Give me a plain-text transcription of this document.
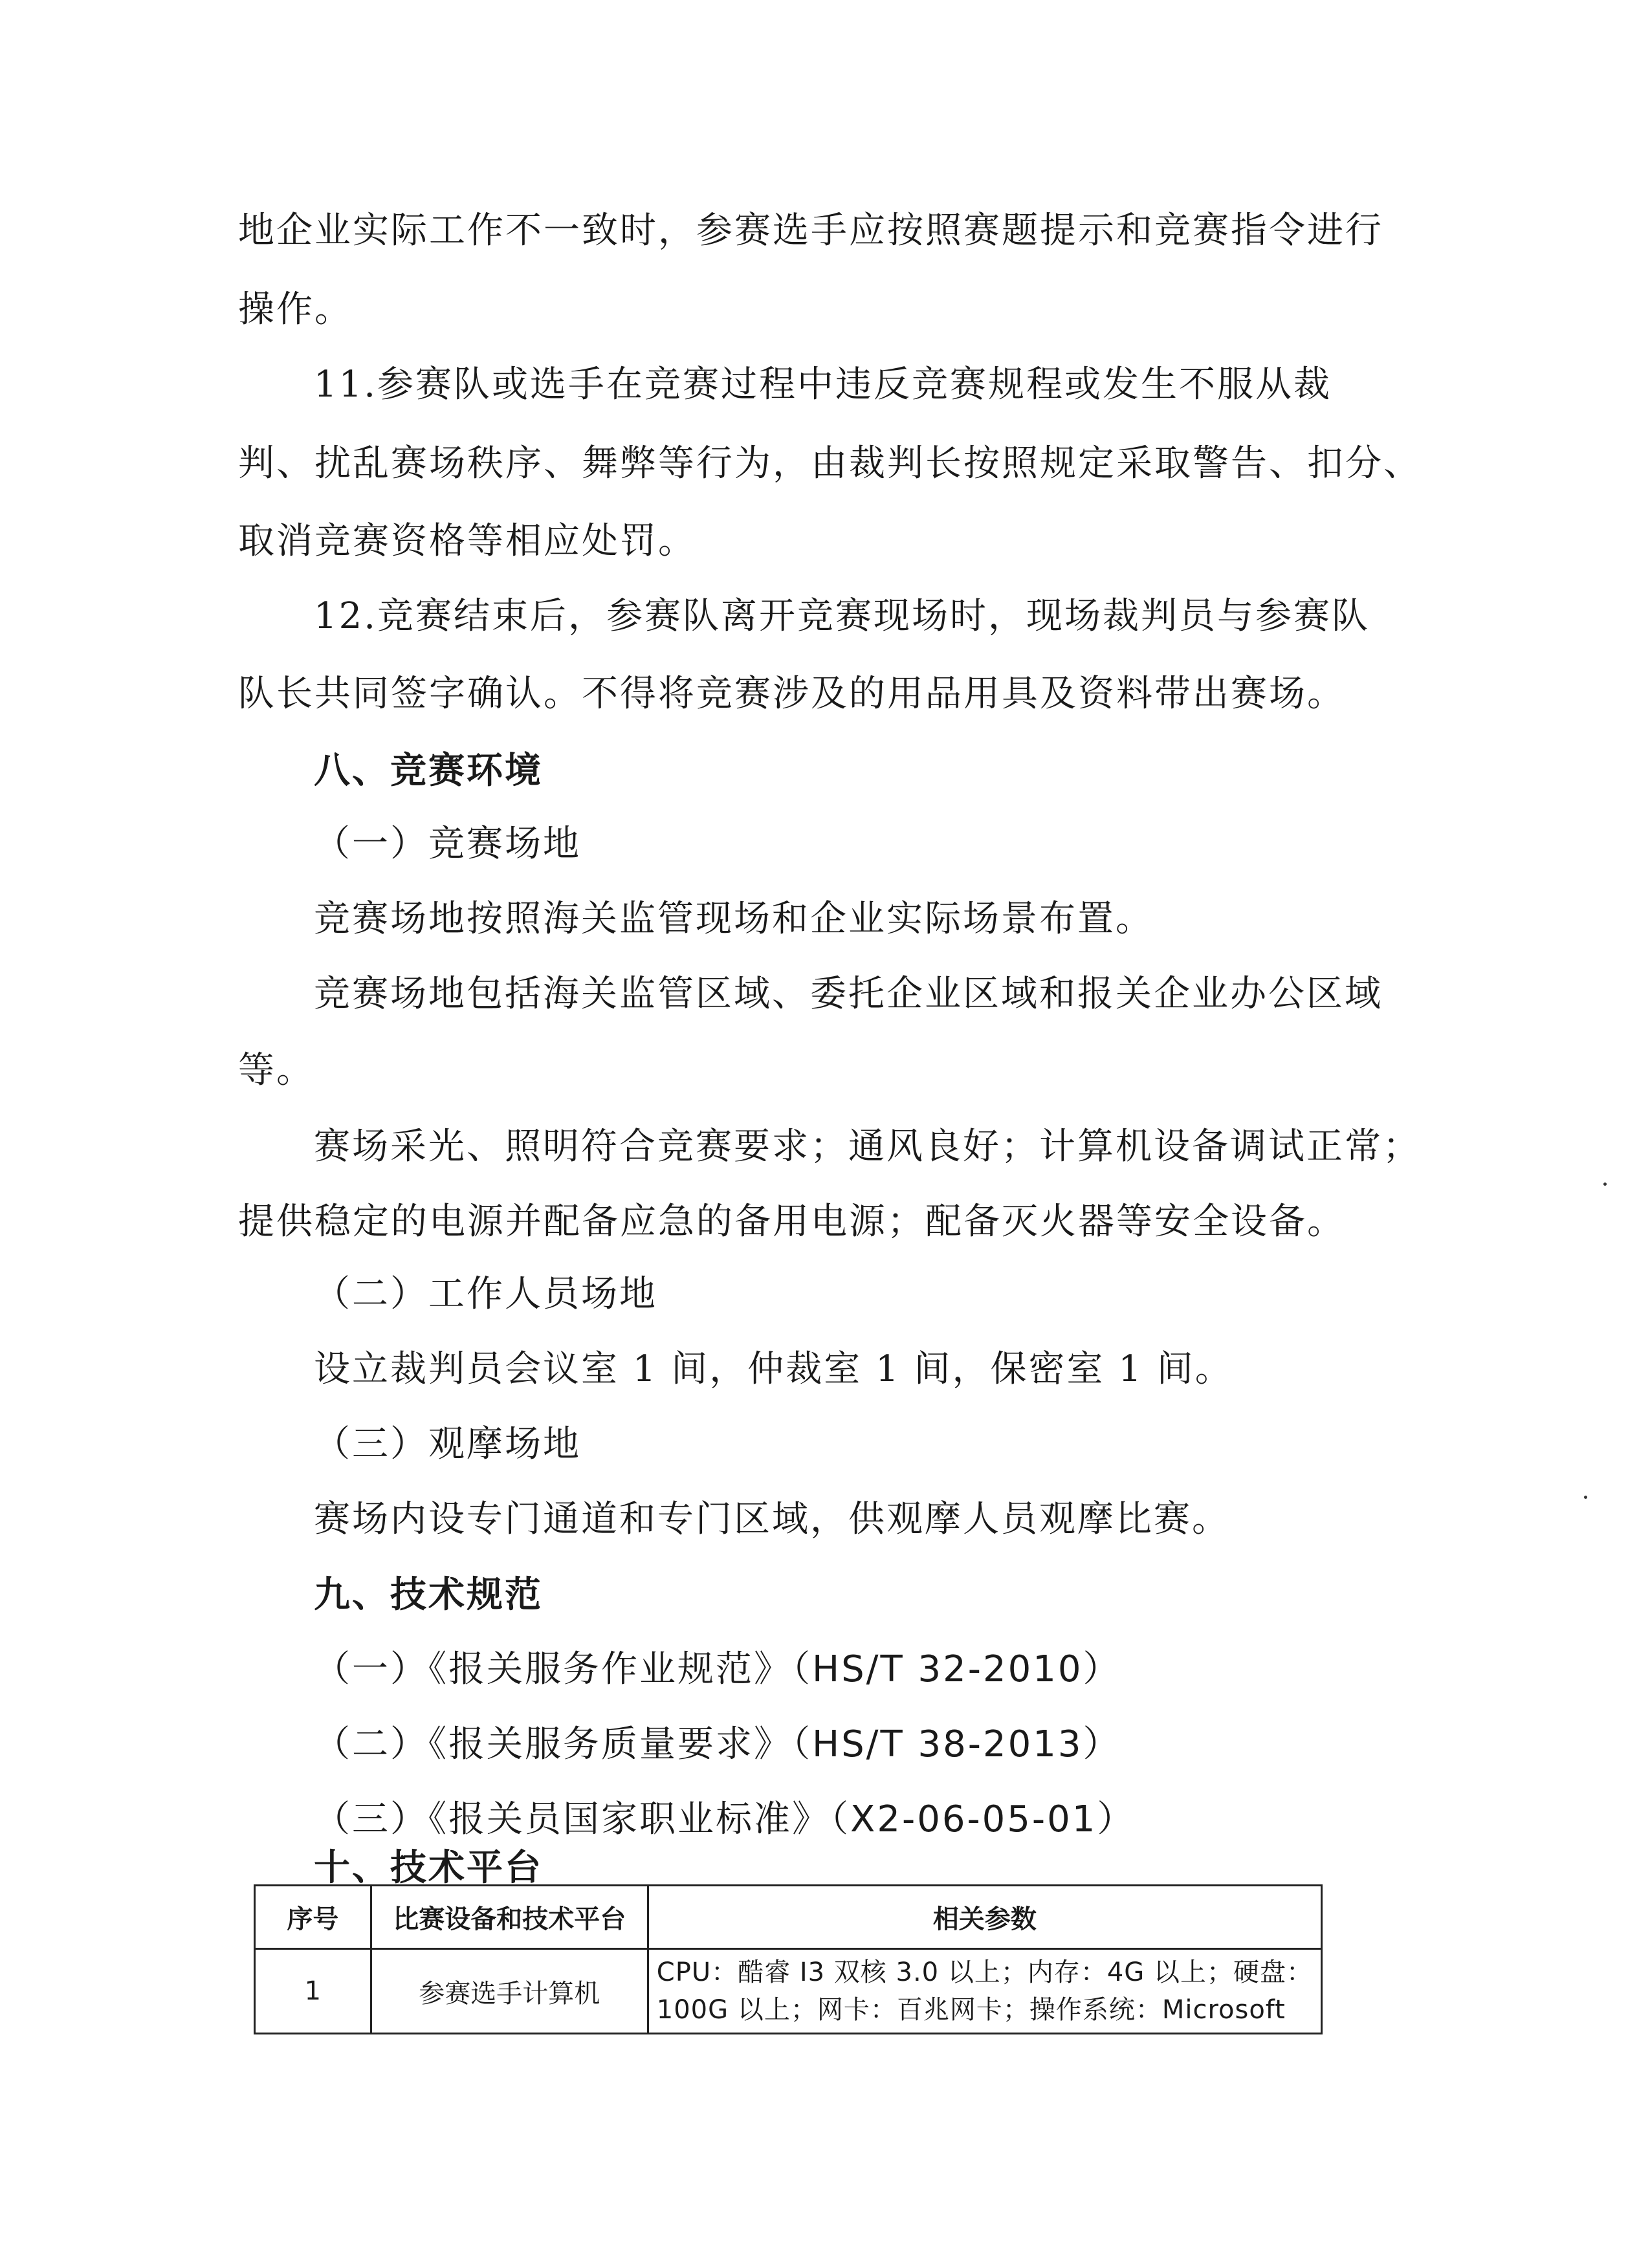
地企业实际工作不一致时，参赛选手应按照赛题提示和竞赛指令进行
操作。
11.参赛队或选手在竞赛过程中违反竞赛规程或发生不服从裁
判、扰乱赛场秩序、舞弊等行为，由裁判长按照规定采取警告、扣分、
取消竞赛资格等相应处罚。
12.竞赛结束后，参赛队离开竞赛现场时，现场裁判员与参赛队
队长共同签字确认。不得将竞赛涉及的用品用具及资料带出赛场。
八、竞赛环境
（一）竞赛场地
竞赛场地按照海关监管现场和企业实际场景布置。
竞赛场地包括海关监管区域、委托企业区域和报关企业办公区域
等。
赛场采光、照明符合竞赛要求；通风良好；计算机设备调试正常；
提供稳定的电源并配备应急的备用电源；配备灭火器等安全设备。
（二）工作人员场地
设立裁判员会议室 1 间，仲裁室 1 间，保密室 1 间。
（三）观摩场地
赛场内设专门通道和专门区域，供观摩人员观摩比赛。
九、技术规范
（一）《报关服务作业规范》（HS/T 32-2010）
（二）《报关服务质量要求》（HS/T 38-2013）
（三）《报关员国家职业标准》（X2-06-05-01）
十、技术平台
序号	比赛设备和技术平台	相关参数
1	参赛选手计算机	CPU：酷睿 I3 双核 3.0 以上；内存：4G 以上；硬盘：
100G 以上；网卡：百兆网卡；操作系统：Microsoft
